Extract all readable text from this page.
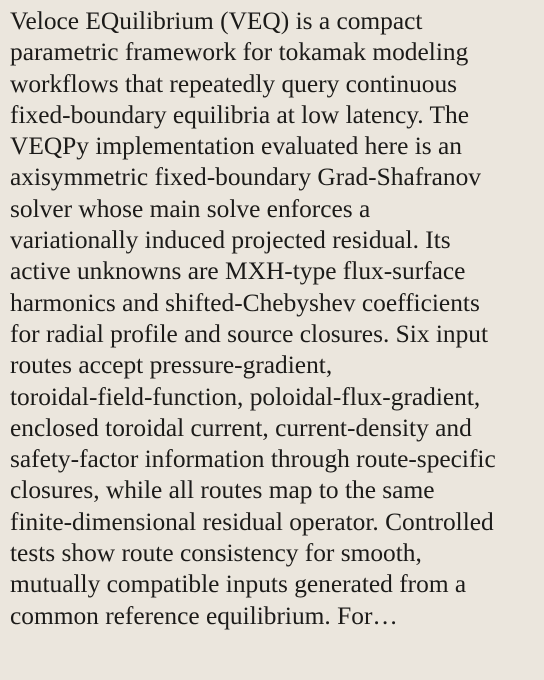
Veloce EQuilibrium (VEQ) is a compact
parametric framework for tokamak modeling
workflows that repeatedly query continuous
fixed-boundary equilibria at low latency. The
VEQPy implementation evaluated here is an
axisymmetric fixed-boundary Grad-Shafranov
solver whose main solve enforces a
variationally induced projected residual. Its
active unknowns are MXH-type flux-surface
harmonics and shifted-Chebyshev coefficients
for radial profile and source closures. Six input
routes accept pressure-gradient,
toroidal-field-function, poloidal-flux-gradient,
enclosed toroidal current, current-density and
safety-factor information through route-specific
closures, while all routes map to the same
finite-dimensional residual operator. Controlled
tests show route consistency for smooth,
mutually compatible inputs generated from a
common reference equilibrium. For…
